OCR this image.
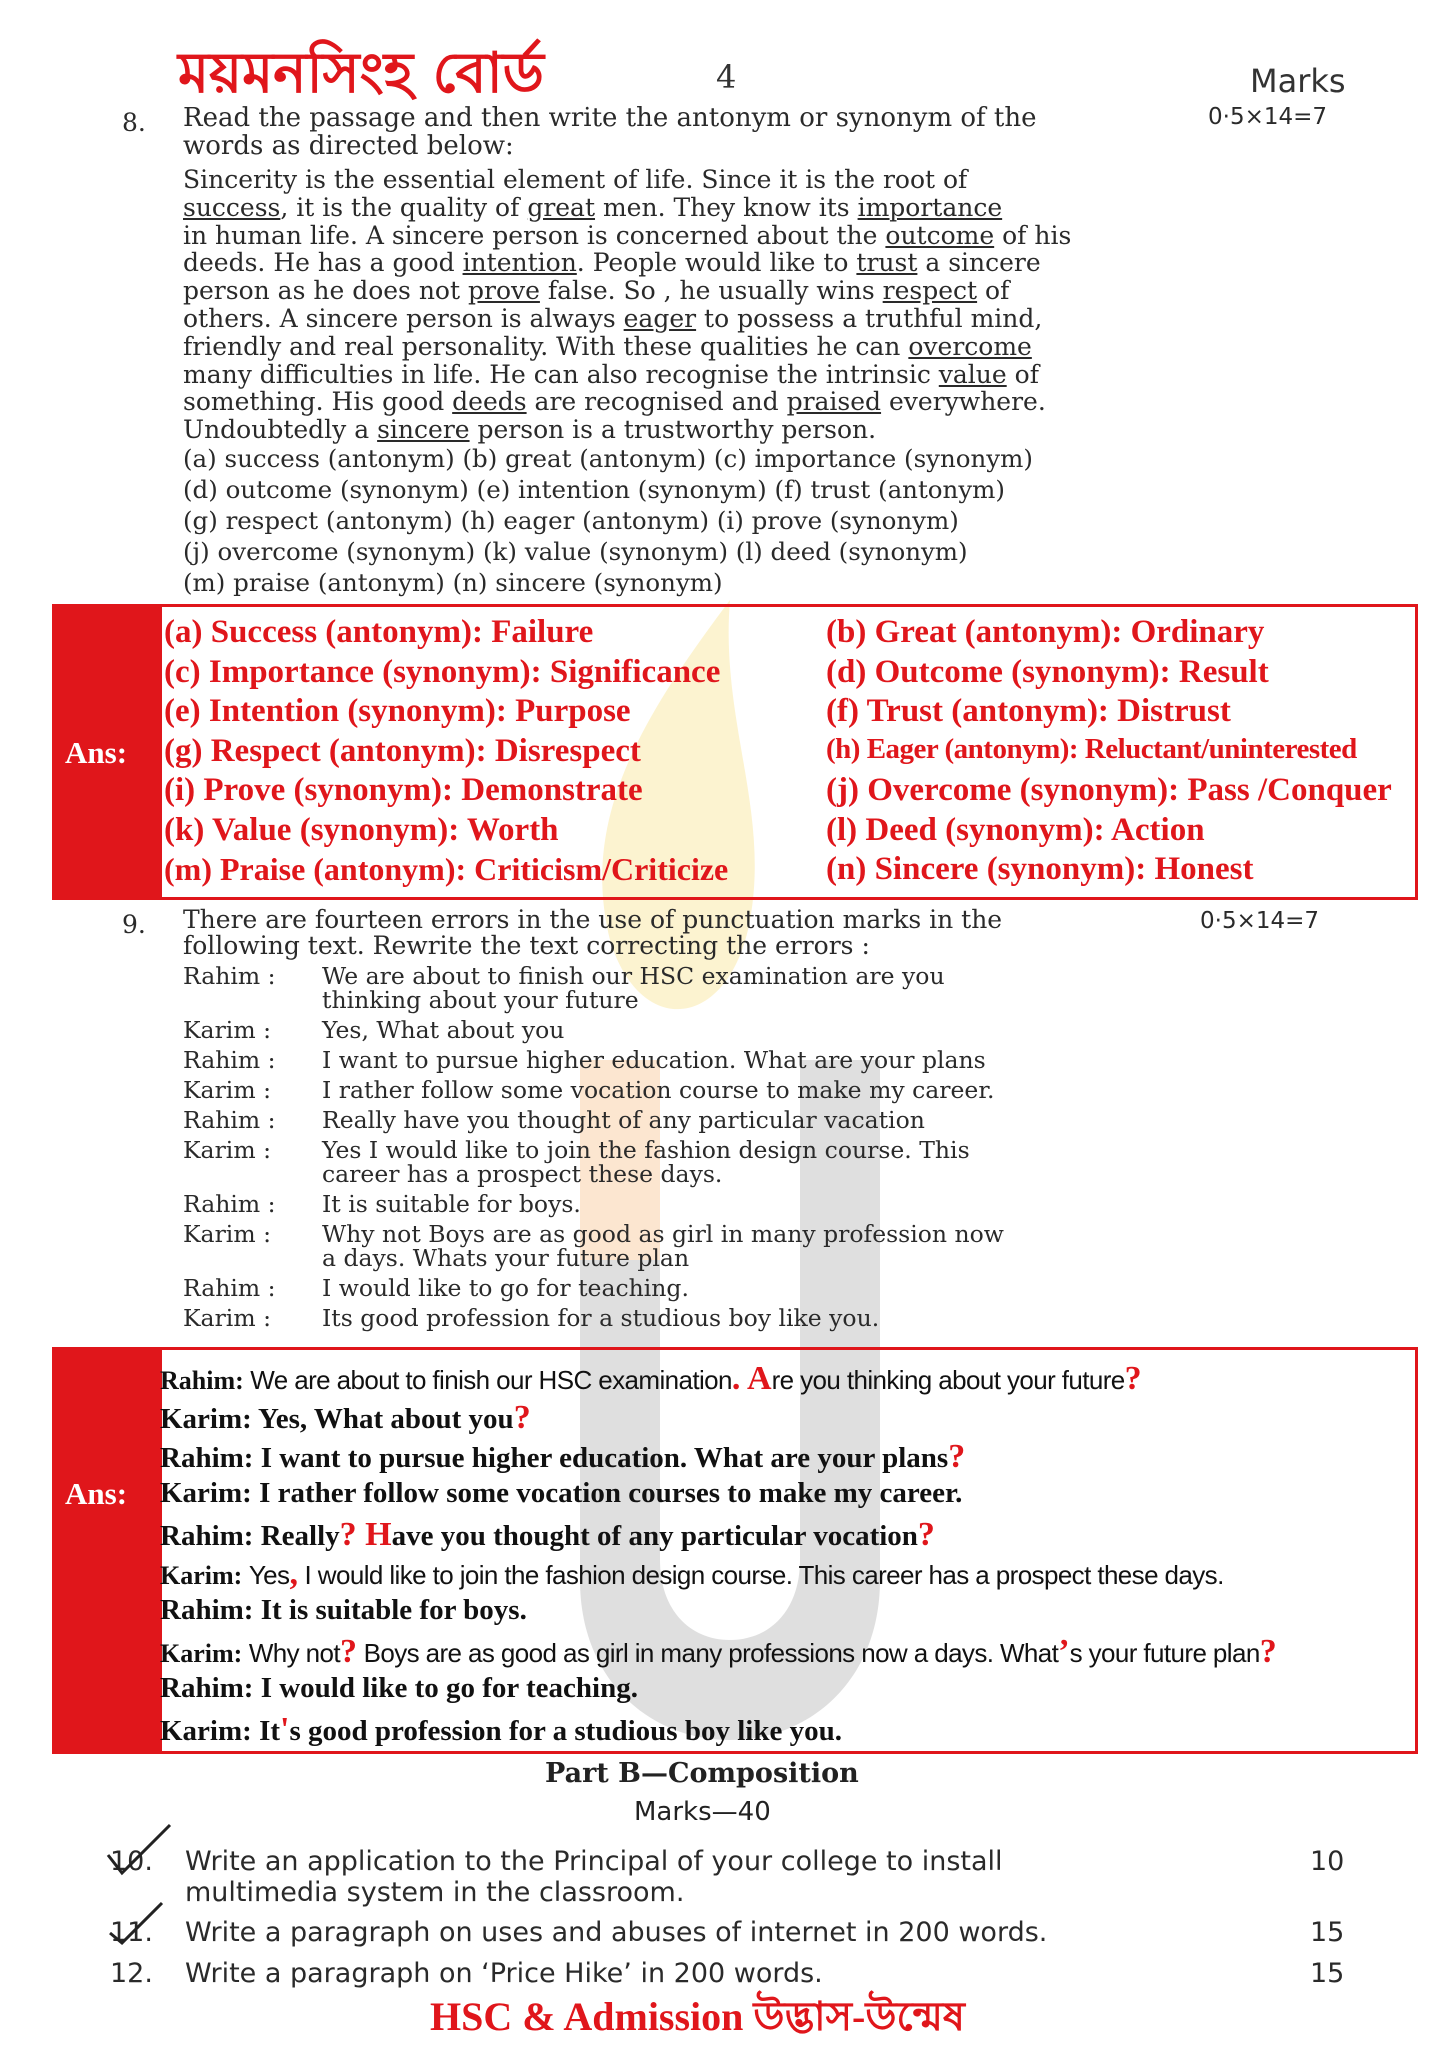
ময়মনসিংহ বোর্ড	4	Marks
8. Read the passage and then write the antonym or synonym of the	0·5×14=7
words as directed below:
Sincerity is the essential element of life. Since it is the root of
success, it is the quality of great men. They know its importance
in human life. A sincere person is concerned about the outcome of his
deeds. He has a good intention. People would like to trust a sincere
person as he does not prove false. So , he usually wins respect of
others. A sincere person is always eager to possess a truthful mind,
friendly and real personality. With these qualities he can overcome
many difficulties in life. He can also recognise the intrinsic value of
something. His good deeds are recognised and praised everywhere.
Undoubtedly a sincere person is a trustworthy person.
(a) success (antonym) (b) great (antonym) (c) importance (synonym)
(d) outcome (synonym) (e) intention (synonym) (f) trust (antonym)
(g) respect (antonym) (h) eager (antonym) (i) prove (synonym)
(j) overcome (synonym) (k) value (synonym) (l) deed (synonym)
(m) praise (antonym) (n) sincere (synonym)
Ans:
(a) Success (antonym): Failure	(b) Great (antonym): Ordinary
(c) Importance (synonym): Significance	(d) Outcome (synonym): Result
(e) Intention (synonym): Purpose	(f) Trust (antonym): Distrust
(g) Respect (antonym): Disrespect	(h) Eager (antonym): Reluctant/uninterested
(i) Prove (synonym): Demonstrate	(j) Overcome (synonym): Pass /Conquer
(k) Value (synonym): Worth	(l) Deed (synonym): Action
(m) Praise (antonym): Criticism/Criticize	(n) Sincere (synonym): Honest
9. There are fourteen errors in the use of punctuation marks in the	0·5×14=7
following text. Rewrite the text correcting the errors :
Rahim : We are about to finish our HSC examination are you
thinking about your future
Karim : Yes, What about you
Rahim : I want to pursue higher education. What are your plans
Karim : I rather follow some vocation course to make my career.
Rahim : Really have you thought of any particular vacation
Karim : Yes I would like to join the fashion design course. This
career has a prospect these days.
Rahim : It is suitable for boys.
Karim : Why not Boys are as good as girl in many profession now
a days. Whats your future plan
Rahim : I would like to go for teaching.
Karim : Its good profession for a studious boy like you.
Ans:
Rahim: We are about to finish our HSC examination. Are you thinking about your future?
Karim: Yes, What about you?
Rahim: I want to pursue higher education. What are your plans?
Karim: I rather follow some vocation courses to make my career.
Rahim: Really? Have you thought of any particular vocation?
Karim: Yes, I would like to join the fashion design course. This career has a prospect these days.
Rahim: It is suitable for boys.
Karim: Why not? Boys are as good as girl in many professions now a days. What’s your future plan?
Rahim: I would like to go for teaching.
Karim: It's good profession for a studious boy like you.
Part B—Composition
Marks—40
10. Write an application to the Principal of your college to install
multimedia system in the classroom.
10
11. Write a paragraph on uses and abuses of internet in 200 words.	15
12. Write a paragraph on ‘Price Hike’ in 200 words.	15
HSC & Admission উদ্ভাস-উন্মেষ
